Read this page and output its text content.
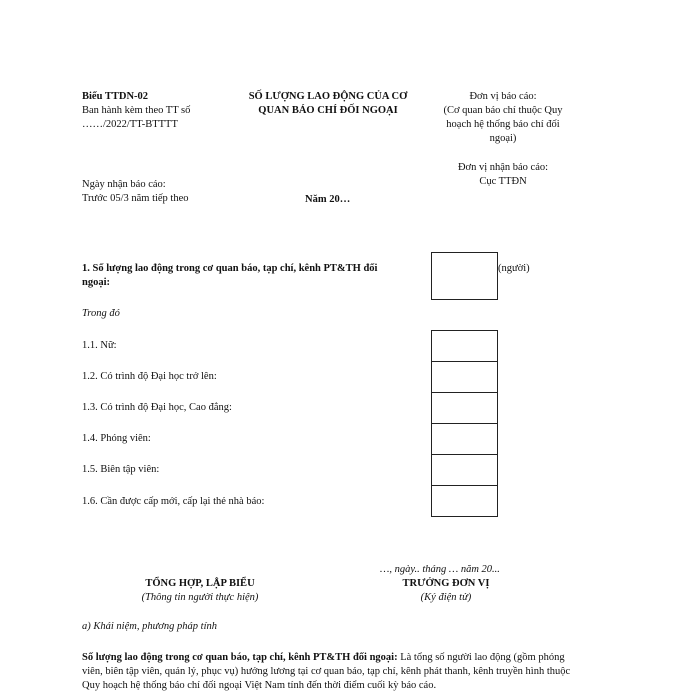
Biểu TTDN-02
Ban hành kèm theo TT số
……/2022/TT-BTTTT
SỐ LƯỢNG LAO ĐỘNG CỦA CƠ
QUAN BÁO CHÍ ĐỐI NGOẠI
Đơn vị báo cáo:
(Cơ quan báo chí thuộc Quy
hoạch hệ thống báo chí đối
ngoại)
Đơn vị nhận báo cáo:
Cục TTĐN
Ngày nhận báo cáo:
Trước 05/3 năm tiếp theo	Năm 20…
1. Số lượng lao động trong cơ quan báo, tạp chí, kênh PT&TH đối
ngoại:
(người)
Trong đó
1.1. Nữ:
1.2. Có trình độ Đại học trở lên:
1.3. Có trình độ Đại học, Cao đẳng:
1.4. Phóng viên:
1.5. Biên tập viên:
1.6. Cần được cấp mới, cấp lại thẻ nhà báo:
…, ngày.. tháng … năm 20...
TỔNG HỢP, LẬP BIỂU
(Thông tin người thực hiện)
TRƯỞNG ĐƠN VỊ
(Ký điện tử)
a) Khái niệm, phương pháp tính
Số lượng lao động trong cơ quan báo, tạp chí, kênh PT&TH đối ngoại: Là tổng số người lao động (gồm phóng
viên, biên tập viên, quản lý, phục vụ) hưởng lương tại cơ quan báo, tạp chí, kênh phát thanh, kênh truyền hình thuộc
Quy hoạch hệ thống báo chí đối ngoại Việt Nam tính đến thời điểm cuối kỳ báo cáo.
